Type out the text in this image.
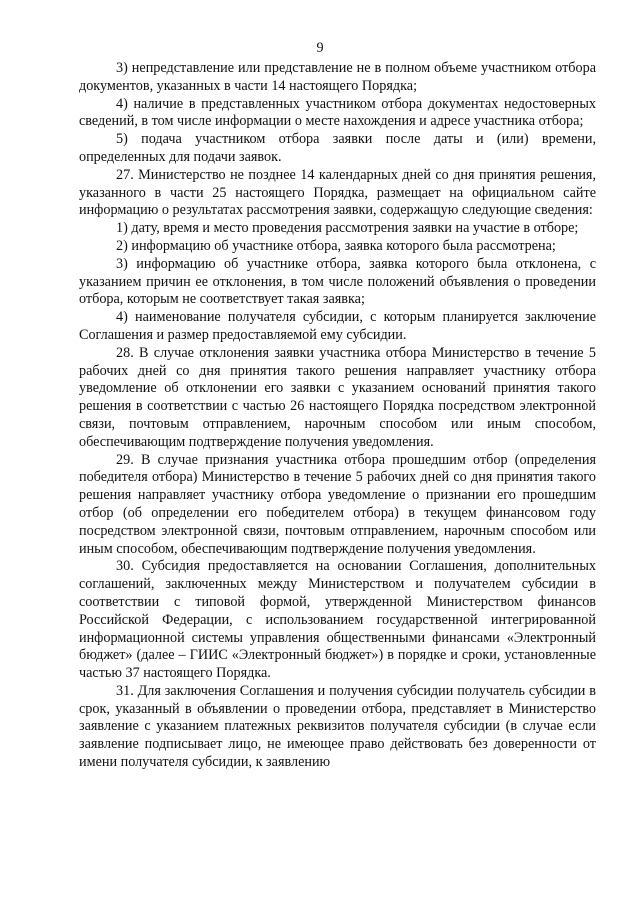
9

3) непредставление или представление не в полном объеме участником отбора документов, указанных в части 14 настоящего Порядка;

4) наличие в представленных участником отбора документах недостоверных сведений, в том числе информации о месте нахождения и адресе участника отбора;

5) подача участником отбора заявки после даты и (или) времени, определенных для подачи заявок.

27. Министерство не позднее 14 календарных дней со дня принятия решения, указанного в части 25 настоящего Порядка, размещает на официальном сайте информацию о результатах рассмотрения заявки, содержащую следующие сведения:

1) дату, время и место проведения рассмотрения заявки на участие в отборе;

2) информацию об участнике отбора, заявка которого была рассмотрена;

3) информацию об участнике отбора, заявка которого была отклонена, с указанием причин ее отклонения, в том числе положений объявления о проведении отбора, которым не соответствует такая заявка;

4) наименование получателя субсидии, с которым планируется заключение Соглашения и размер предоставляемой ему субсидии.

28. В случае отклонения заявки участника отбора Министерство в течение 5 рабочих дней со дня принятия такого решения направляет участнику отбора уведомление об отклонении его заявки с указанием оснований принятия такого решения в соответствии с частью 26 настоящего Порядка посредством электронной связи, почтовым отправлением, нарочным способом или иным способом, обеспечивающим подтверждение получения уведомления.

29. В случае признания участника отбора прошедшим отбор (определения победителя отбора) Министерство в течение 5 рабочих дней со дня принятия такого решения направляет участнику отбора уведомление о признании его прошедшим отбор (об определении его победителем отбора) в текущем финансовом году посредством электронной связи, почтовым отправлением, нарочным способом или иным способом, обеспечивающим подтверждение получения уведомления.

30. Субсидия предоставляется на основании Соглашения, дополнительных соглашений, заключенных между Министерством и получателем субсидии в соответствии с типовой формой, утвержденной Министерством финансов Российской Федерации, с использованием государственной интегрированной информационной системы управления общественными финансами «Электронный бюджет» (далее – ГИИС «Электронный бюджет») в порядке и сроки, установленные частью 37 настоящего Порядка.

31. Для заключения Соглашения и получения субсидии получатель субсидии в срок, указанный в объявлении о проведении отбора, представляет в Министерство заявление с указанием платежных реквизитов получателя субсидии (в случае если заявление подписывает лицо, не имеющее право действовать без доверенности от имени получателя субсидии, к заявлению
